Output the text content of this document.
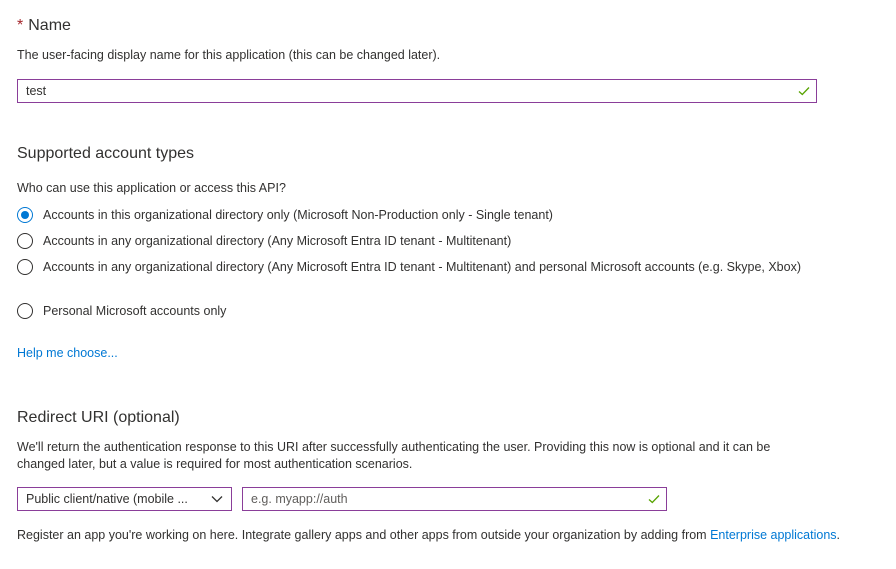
* Name
The user-facing display name for this application (this can be changed later).
test
Supported account types
Who can use this application or access this API?
Accounts in this organizational directory only (Microsoft Non-Production only - Single tenant)
Accounts in any organizational directory (Any Microsoft Entra ID tenant - Multitenant)
Accounts in any organizational directory (Any Microsoft Entra ID tenant - Multitenant) and personal Microsoft accounts (e.g. Skype, Xbox)
Personal Microsoft accounts only
Help me choose...
Redirect URI (optional)
We'll return the authentication response to this URI after successfully authenticating the user. Providing this now is optional and it can be changed later, but a value is required for most authentication scenarios.
Public client/native (mobile ...	e.g. myapp://auth
Register an app you're working on here. Integrate gallery apps and other apps from outside your organization by adding from Enterprise applications.
